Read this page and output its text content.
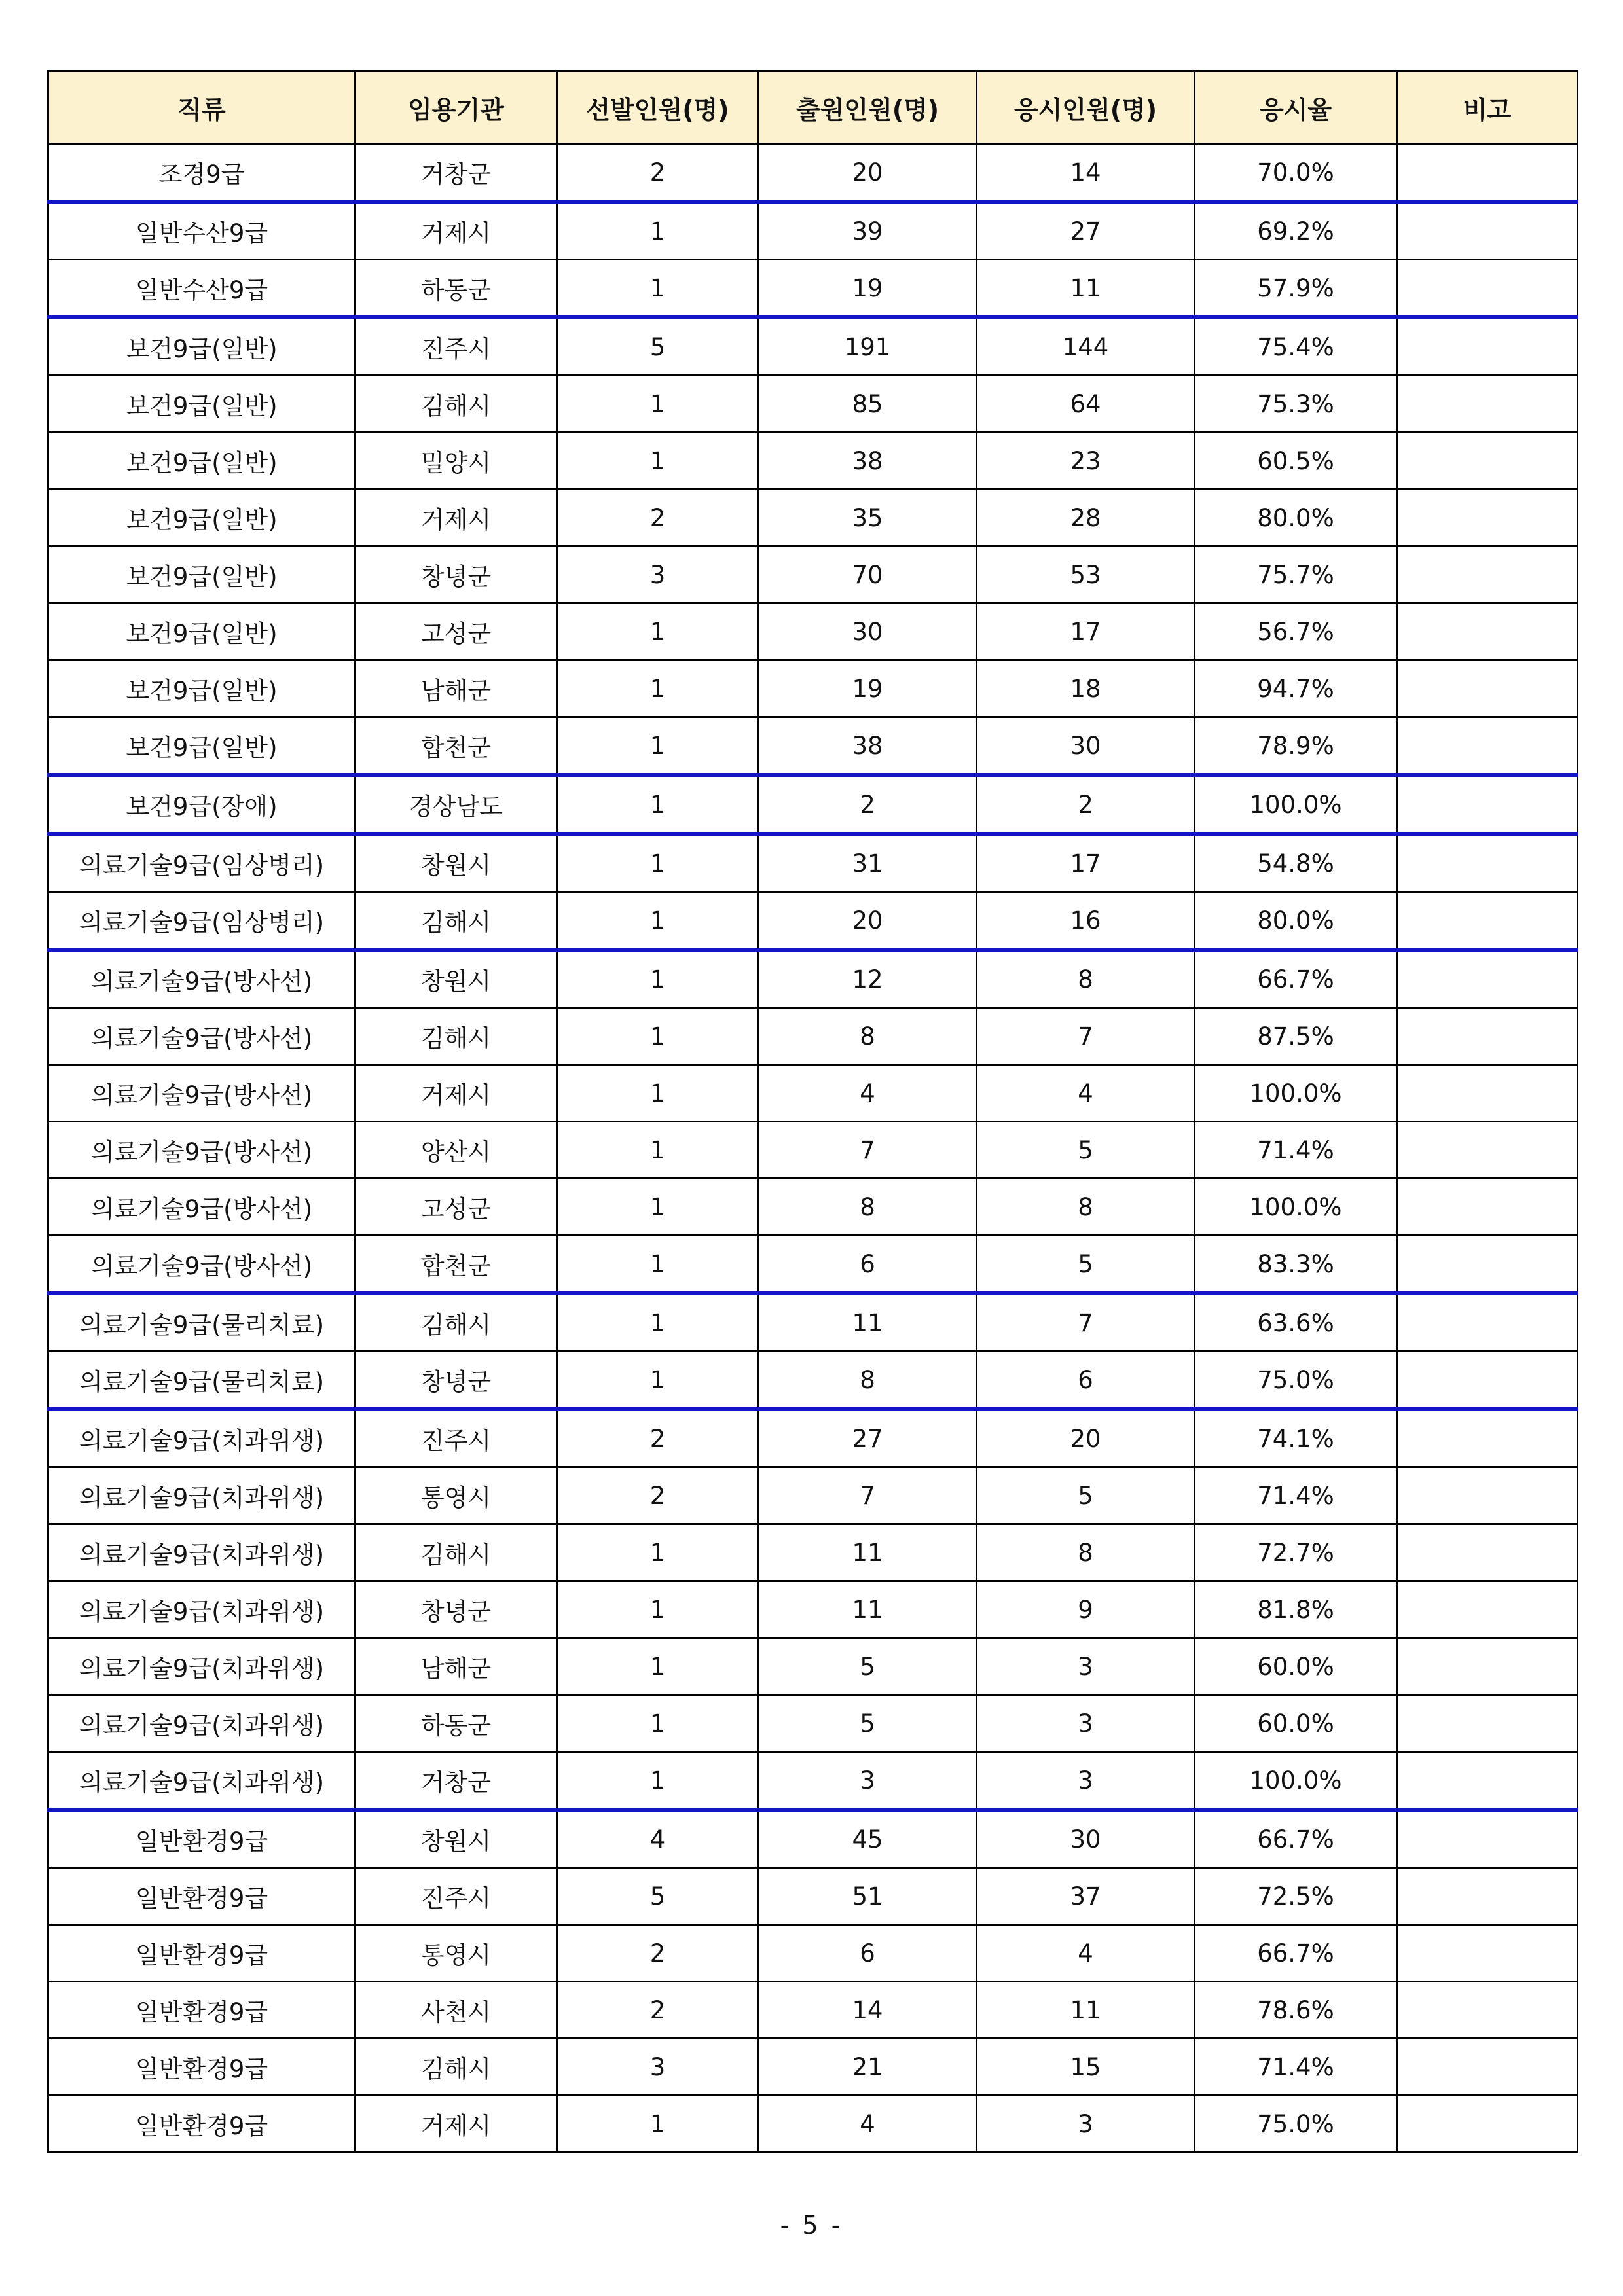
직류	임용기관	선발인원(명)	출원인원(명)	응시인원(명)	응시율	비고
조경9급	거창군	2	20	14	70.0%	
일반수산9급	거제시	1	39	27	69.2%	
일반수산9급	하동군	1	19	11	57.9%	
보건9급(일반)	진주시	5	191	144	75.4%	
보건9급(일반)	김해시	1	85	64	75.3%	
보건9급(일반)	밀양시	1	38	23	60.5%	
보건9급(일반)	거제시	2	35	28	80.0%	
보건9급(일반)	창녕군	3	70	53	75.7%	
보건9급(일반)	고성군	1	30	17	56.7%	
보건9급(일반)	남해군	1	19	18	94.7%	
보건9급(일반)	합천군	1	38	30	78.9%	
보건9급(장애)	경상남도	1	2	2	100.0%	
의료기술9급(임상병리)	창원시	1	31	17	54.8%	
의료기술9급(임상병리)	김해시	1	20	16	80.0%	
의료기술9급(방사선)	창원시	1	12	8	66.7%	
의료기술9급(방사선)	김해시	1	8	7	87.5%	
의료기술9급(방사선)	거제시	1	4	4	100.0%	
의료기술9급(방사선)	양산시	1	7	5	71.4%	
의료기술9급(방사선)	고성군	1	8	8	100.0%	
의료기술9급(방사선)	합천군	1	6	5	83.3%	
의료기술9급(물리치료)	김해시	1	11	7	63.6%	
의료기술9급(물리치료)	창녕군	1	8	6	75.0%	
의료기술9급(치과위생)	진주시	2	27	20	74.1%	
의료기술9급(치과위생)	통영시	2	7	5	71.4%	
의료기술9급(치과위생)	김해시	1	11	8	72.7%	
의료기술9급(치과위생)	창녕군	1	11	9	81.8%	
의료기술9급(치과위생)	남해군	1	5	3	60.0%	
의료기술9급(치과위생)	하동군	1	5	3	60.0%	
의료기술9급(치과위생)	거창군	1	3	3	100.0%	
일반환경9급	창원시	4	45	30	66.7%	
일반환경9급	진주시	5	51	37	72.5%	
일반환경9급	통영시	2	6	4	66.7%	
일반환경9급	사천시	2	14	11	78.6%	
일반환경9급	김해시	3	21	15	71.4%	
일반환경9급	거제시	1	4	3	75.0%	
- 5 -
